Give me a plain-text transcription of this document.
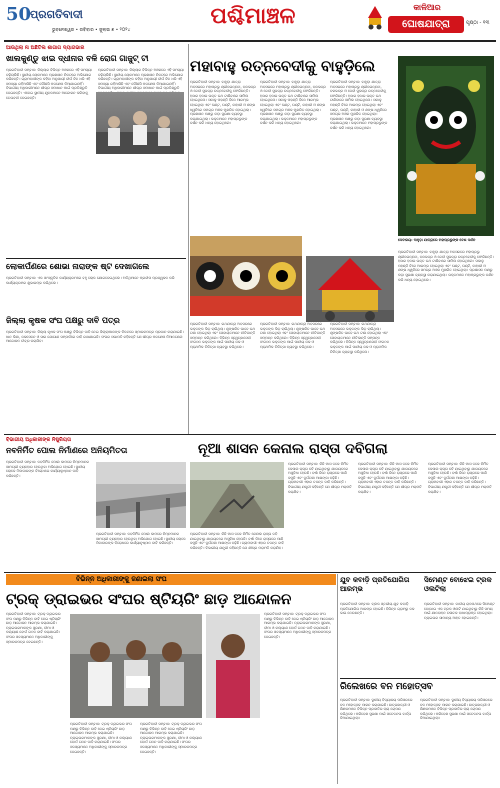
50
ପ୍ରଗତିବାଦୀ
ଭୁବନେଶ୍ୱର • ରବିବାର • ଜୁଲାଇ ୭ • ୨୦୨୪
ପଶ୍ଚିମାଞ୍ଚଳ	କାଳିଆର
ଘୋଷଯାତ୍ରା	ପୃଷ୍ଠା - ୧୩
ଆଉଥିଲା ନା ଅଛିତିଲ ଶାଗାଗ ଦ୍ୟାଗଭାର
ଖାଲକୁଣ୍ଡୁ ଝାଇ ଦ୍ଧୀନାର ବଳି ରୋଗ ଗାଜୁଟ୍ ଟୀ
ପ୍ରଗତିବାଦୀ ସମ୍ବାଦ: ଜିଲ୍ଲାର ବିଭିନ୍ନ ଅଞ୍ଚଳରେ ଏହି ସମସ୍ୟା ବଢ଼ିଚାଲିଛି। ସ୍ଥାନୀୟ ଲୋକମାନେ ପ୍ରଶାସନ ନିକଟରେ ଅଭିଯୋଗ କରିଛନ୍ତି। ଗ୍ରାମବାସୀଙ୍କ କହିବା ଅନୁଯାୟୀ ଦୀର୍ଘ ଦିନ ଧରି ଏହି ସମସ୍ୟା ରହିଆସିଛି ଏବଂ କୌଣସି ପଦକ୍ଷେପ ନିଆଯାଇନାହିଁ। ବିଭାଗୀୟ ଅଧିକାରୀମାନେ ଶୀଘ୍ର ସମାଧାନ ପାଇଁ ପ୍ରତିଶ୍ରୁତି ଦେଇଛନ୍ତି। ଏନେଇ ସ୍ଥାନୀୟ ଯୁବକମାନେ ଆନ୍ଦୋଳନ କରିବାକୁ ଚେତାବନୀ ଦେଇଛନ୍ତି।
ପ୍ରଗତିବାଦୀ ସମ୍ବାଦ: ଜିଲ୍ଲାର ବିଭିନ୍ନ ଅଞ୍ଚଳରେ ଏହି ସମସ୍ୟା ବଢ଼ିଚାଲିଛି। ସ୍ଥାନୀୟ ଲୋକମାନେ ପ୍ରଶାସନ ନିକଟରେ ଅଭିଯୋଗ କରିଛନ୍ତି। ଗ୍ରାମବାସୀଙ୍କ କହିବା ଅନୁଯାୟୀ ଦୀର୍ଘ ଦିନ ଧରି ଏହି ସମସ୍ୟା ରହିଆସିଛି ଏବଂ କୌଣସି ପଦକ୍ଷେପ ନିଆଯାଇନାହିଁ। ବିଭାଗୀୟ ଅଧିକାରୀମାନେ ଶୀଘ୍ର ସମାଧାନ ପାଇଁ ପ୍ରତିଶ୍ରୁତି
ମହାବାହୁ ରତ୍ନବେଦୀକୁ ବାହୁଡ଼ିଲେ
ପ୍ରଗତିବାଦୀ ସମ୍ବାଦ: ବାହୁଡ଼ା ଯାତ୍ରା ଅବସରରେ ମହାପ୍ରଭୁ ଶ୍ରୀଜଗନ୍ନାଥ, ବଳଭଦ୍ର ଓ ଦେବୀ ସୁଭଦ୍ରା ରତ୍ନବେଦୀକୁ ଫେରିଛନ୍ତି। ହଜାର ହଜାର ଭକ୍ତ ରଥ ଟାଣିବାରେ ସାମିଲ ହୋଇଥିଲେ। ସକାଳୁ ପହଣ୍ଡି ବିଜେ ଆରମ୍ଭ ହୋଇଥିଲା ଏବଂ ଘଣ୍ଟ, ଘଣ୍ଟି, କାହାଳୀ ଓ ଶଙ୍ଖ ଧ୍ୱନିରେ ସମଗ୍ର ଅଞ୍ଚଳ ମୁଖରିତ ହୋଇଥିଲା। ପ୍ରଶାସନ ପକ୍ଷରୁ କଡ଼ା ସୁରକ୍ଷା ବ୍ୟବସ୍ଥା କରାଯାଇଥିଲା। ଭକ୍ତମାନେ ମହାପ୍ରଭୁଙ୍କ ଦର୍ଶନ କରି ଧନ୍ୟ ହୋଇଥିଲେ।
ପ୍ରଗତିବାଦୀ ସମ୍ବାଦ: ବାହୁଡ଼ା ଯାତ୍ରା ଅବସରରେ ମହାପ୍ରଭୁ ଶ୍ରୀଜଗନ୍ନାଥ, ବଳଭଦ୍ର ଓ ଦେବୀ ସୁଭଦ୍ରା ରତ୍ନବେଦୀକୁ ଫେରିଛନ୍ତି। ହଜାର ହଜାର ଭକ୍ତ ରଥ ଟାଣିବାରେ ସାମିଲ ହୋଇଥିଲେ। ସକାଳୁ ପହଣ୍ଡି ବିଜେ ଆରମ୍ଭ ହୋଇଥିଲା ଏବଂ ଘଣ୍ଟ, ଘଣ୍ଟି, କାହାଳୀ ଓ ଶଙ୍ଖ ଧ୍ୱନିରେ ସମଗ୍ର ଅଞ୍ଚଳ ମୁଖରିତ ହୋଇଥିଲା। ପ୍ରଶାସନ ପକ୍ଷରୁ କଡ଼ା ସୁରକ୍ଷା ବ୍ୟବସ୍ଥା କରାଯାଇଥିଲା। ଭକ୍ତମାନେ ମହାପ୍ରଭୁଙ୍କ ଦର୍ଶନ କରି ଧନ୍ୟ ହୋଇଥିଲେ।
ପ୍ରଗତିବାଦୀ ସମ୍ବାଦ: ବାହୁଡ଼ା ଯାତ୍ରା ଅବସରରେ ମହାପ୍ରଭୁ ଶ୍ରୀଜଗନ୍ନାଥ, ବଳଭଦ୍ର ଓ ଦେବୀ ସୁଭଦ୍ରା ରତ୍ନବେଦୀକୁ ଫେରିଛନ୍ତି। ହଜାର ହଜାର ଭକ୍ତ ରଥ ଟାଣିବାରେ ସାମିଲ ହୋଇଥିଲେ। ସକାଳୁ ପହଣ୍ଡି ବିଜେ ଆରମ୍ଭ ହୋଇଥିଲା ଏବଂ ଘଣ୍ଟ, ଘଣ୍ଟି, କାହାଳୀ ଓ ଶଙ୍ଖ ଧ୍ୱନିରେ ସମଗ୍ର ଅଞ୍ଚଳ ମୁଖରିତ ହୋଇଥିଲା। ପ୍ରଶାସନ ପକ୍ଷରୁ କଡ଼ା ସୁରକ୍ଷା ବ୍ୟବସ୍ଥା କରାଯାଇଥିଲା। ଭକ୍ତମାନେ ମହାପ୍ରଭୁଙ୍କ ଦର୍ଶନ କରି ଧନ୍ୟ ହୋଇଥିଲେ।
ଦେବାଳୟ: ବାହୁଡ଼ା ଯାତ୍ରାରେ ମହାପ୍ରଭୁଙ୍କ ବେଶ ଦର୍ଶନ
ପ୍ରଗତିବାଦୀ ସମ୍ବାଦ: ରଥଯାତ୍ରା ଅବସରରେ ଭକ୍ତଙ୍କ ଭିଡ଼ ଲାଗିଥିଲା। ଶୃଙ୍ଖଳିତ ଭାବେ ରଥ ଟଣା ହୋଇଥିଲା ଏବଂ ସେବାୟତମାନେ ନୀତିକାନ୍ତି ସମ୍ପନ୍ନ କରିଥିଲେ। ବିଭିନ୍ନ ସ୍ୱେଚ୍ଛାସେବୀ ସଂଗଠନ ଭକ୍ତଙ୍କ ପାଇଁ ପାନୀୟ ଜଳ ଓ ପ୍ରାଥମିକ ଚିକିତ୍ସା ବ୍ୟବସ୍ଥା କରିଥିଲେ।
ପ୍ରଗତିବାଦୀ ସମ୍ବାଦ: ରଥଯାତ୍ରା ଅବସରରେ ଭକ୍ତଙ୍କ ଭିଡ଼ ଲାଗିଥିଲା। ଶୃଙ୍ଖଳିତ ଭାବେ ରଥ ଟଣା ହୋଇଥିଲା ଏବଂ ସେବାୟତମାନେ ନୀତିକାନ୍ତି ସମ୍ପନ୍ନ କରିଥିଲେ। ବିଭିନ୍ନ ସ୍ୱେଚ୍ଛାସେବୀ ସଂଗଠନ ଭକ୍ତଙ୍କ ପାଇଁ ପାନୀୟ ଜଳ ଓ ପ୍ରାଥମିକ ଚିକିତ୍ସା ବ୍ୟବସ୍ଥା କରିଥିଲେ।
ପ୍ରଗତିବାଦୀ ସମ୍ବାଦ: ରଥଯାତ୍ରା ଅବସରରେ ଭକ୍ତଙ୍କ ଭିଡ଼ ଲାଗିଥିଲା। ଶୃଙ୍ଖଳିତ ଭାବେ ରଥ ଟଣା ହୋଇଥିଲା ଏବଂ ସେବାୟତମାନେ ନୀତିକାନ୍ତି ସମ୍ପନ୍ନ କରିଥିଲେ। ବିଭିନ୍ନ ସ୍ୱେଚ୍ଛାସେବୀ ସଂଗଠନ ଭକ୍ତଙ୍କ ପାଇଁ ପାନୀୟ ଜଳ ଓ ପ୍ରାଥମିକ ଚିକିତ୍ସା ବ୍ୟବସ୍ଥା କରିଥିଲେ।
ପ୍ରଗତିବାଦୀ ସମ୍ବାଦ: ବାହୁଡ଼ା ଯାତ୍ରା ଅବସରରେ ମହାପ୍ରଭୁ ଶ୍ରୀଜଗନ୍ନାଥ, ବଳଭଦ୍ର ଓ ଦେବୀ ସୁଭଦ୍ରା ରତ୍ନବେଦୀକୁ ଫେରିଛନ୍ତି। ହଜାର ହଜାର ଭକ୍ତ ରଥ ଟାଣିବାରେ ସାମିଲ ହୋଇଥିଲେ। ସକାଳୁ ପହଣ୍ଡି ବିଜେ ଆରମ୍ଭ ହୋଇଥିଲା ଏବଂ ଘଣ୍ଟ, ଘଣ୍ଟି, କାହାଳୀ ଓ ଶଙ୍ଖ ଧ୍ୱନିରେ ସମଗ୍ର ଅଞ୍ଚଳ ମୁଖରିତ ହୋଇଥିଲା। ପ୍ରଶାସନ ପକ୍ଷରୁ କଡ଼ା ସୁରକ୍ଷା ବ୍ୟବସ୍ଥା କରାଯାଇଥିଲା। ଭକ୍ତମାନେ ମହାପ୍ରଭୁଙ୍କ ଦର୍ଶନ କରି ଧନ୍ୟ ହୋଇଥିଲେ।
ଲୋକାର୍ପଣରେ ଶୋଭା ନାରାଙ୍କ ଷ୍ଟ ଦେଖାଗଲେ
ପ୍ରଗତିବାଦୀ ସମ୍ବାଦ: ଏକ ସାଂସ୍କୃତିକ କାର୍ଯ୍ୟକ୍ରମରେ ବହୁ ଲୋକ ଯୋଗଦେଇଥିଲେ। ଅତିଥିମାନେ ପ୍ରଦୀପ ପ୍ରଜ୍ୱଳନ କରି କାର୍ଯ୍ୟକ୍ରମର ଶୁଭାରମ୍ଭ କରିଥିଲେ।
ଜିଲ୍ଲା କୃଷକ ସଂଘ ପକ୍ଷରୁ ଦାବି ପତ୍ର
ପ୍ରଗତିବାଦୀ ସମ୍ବାଦ: ଜିଲ୍ଲା କୃଷକ ସଂଘ ପକ୍ଷରୁ ବିଭିନ୍ନ ଦାବି ନେଇ ଜିଲ୍ଲାପାଳଙ୍କ ନିକଟରେ ସ୍ମାରକପତ୍ର ପ୍ରଦାନ କରାଯାଇଛି। ଧାନ କିଣା, ଜଳସେଚନ ଓ ସାର ଯୋଗାଣ ସମ୍ପର୍କରେ ଦାବି ରଖାଯାଇଛି। ସଂଘର ସଭାପତି କହିଛନ୍ତି ଯେ ଶୀଘ୍ର ପଦକ୍ଷେପ ନିଆନଗଲେ ଆନ୍ଦୋଳନ ତୀବ୍ର କରାଯିବ।
ବିଭାଗୀୟ ଅଧିକାରୀଙ୍କ ନିଷ୍କ୍ରିୟତା
ନବନିର୍ମିତ ପୋଲ ନିର୍ମାଣରେ ଅନିୟମିତତା
ପ୍ରଗତିବାଦୀ ସମ୍ବାଦ: ନବନିର୍ମିତ ପୋଲ କାମରେ ନିମ୍ନମାନର ସାମଗ୍ରୀ ବ୍ୟବହାର ହେଉଥିବା ଅଭିଯୋଗ ହୋଇଛି। ସ୍ଥାନୀୟ ଲୋକେ ଠିକାଦାରଙ୍କ ବିରୋଧରେ କାର୍ଯ୍ୟାନୁଷ୍ଠାନ ଦାବି କରିଛନ୍ତି।
ପ୍ରଗତିବାଦୀ ସମ୍ବାଦ: ନବନିର୍ମିତ ପୋଲ କାମରେ ନିମ୍ନମାନର ସାମଗ୍ରୀ ବ୍ୟବହାର ହେଉଥିବା ଅଭିଯୋଗ ହୋଇଛି। ସ୍ଥାନୀୟ ଲୋକେ ଠିକାଦାରଙ୍କ ବିରୋଧରେ କାର୍ଯ୍ୟାନୁଷ୍ଠାନ ଦାବି କରିଛନ୍ତି।
ନୂଆ ଶାସନ କେନାଲ ରାସ୍ତା ଦବିଗଲା
ପ୍ରଗତିବାଦୀ ସମ୍ବାଦ: କିଛି ମାସ ତଳେ ନିର୍ମିତ କେନାଲ ରାସ୍ତା ଦବି ଯାଇଥିବାରୁ ଯାତାୟତରେ ଅସୁବିଧା ହେଉଛି। ବର୍ଷା ଦିନେ ରାସ୍ତାରେ ପାଣି ଜମୁଛି ଏବଂ ଦୁର୍ଘଟଣା ଆଶଙ୍କା ବଢ଼ିଛି। ଗ୍ରାମବାସୀ ଏହାର ତଦନ୍ତ ଦାବି କରିଛନ୍ତି। ବିଭାଗୀୟ ଯନ୍ତ୍ରୀ କହିଛନ୍ତି ଯେ ଶୀଘ୍ର ମରାମତି କରାଯିବ।
ପ୍ରଗତିବାଦୀ ସମ୍ବାଦ: କିଛି ମାସ ତଳେ ନିର୍ମିତ କେନାଲ ରାସ୍ତା ଦବି ଯାଇଥିବାରୁ ଯାତାୟତରେ ଅସୁବିଧା ହେଉଛି। ବର୍ଷା ଦିନେ ରାସ୍ତାରେ ପାଣି ଜମୁଛି ଏବଂ ଦୁର୍ଘଟଣା ଆଶଙ୍କା ବଢ଼ିଛି। ଗ୍ରାମବାସୀ ଏହାର ତଦନ୍ତ ଦାବି କରିଛନ୍ତି। ବିଭାଗୀୟ ଯନ୍ତ୍ରୀ କହିଛନ୍ତି ଯେ ଶୀଘ୍ର ମରାମତି କରାଯିବ।
ପ୍ରଗତିବାଦୀ ସମ୍ବାଦ: କିଛି ମାସ ତଳେ ନିର୍ମିତ କେନାଲ ରାସ୍ତା ଦବି ଯାଇଥିବାରୁ ଯାତାୟତରେ ଅସୁବିଧା ହେଉଛି। ବର୍ଷା ଦିନେ ରାସ୍ତାରେ ପାଣି ଜମୁଛି ଏବଂ ଦୁର୍ଘଟଣା ଆଶଙ୍କା ବଢ଼ିଛି। ଗ୍ରାମବାସୀ ଏହାର ତଦନ୍ତ ଦାବି କରିଛନ୍ତି। ବିଭାଗୀୟ ଯନ୍ତ୍ରୀ କହିଛନ୍ତି ଯେ ଶୀଘ୍ର ମରାମତି କରାଯିବ।
ପ୍ରଗତିବାଦୀ ସମ୍ବାଦ: କିଛି ମାସ ତଳେ ନିର୍ମିତ କେନାଲ ରାସ୍ତା ଦବି ଯାଇଥିବାରୁ ଯାତାୟତରେ ଅସୁବିଧା ହେଉଛି। ବର୍ଷା ଦିନେ ରାସ୍ତାରେ ପାଣି ଜମୁଛି ଏବଂ ଦୁର୍ଘଟଣା ଆଶଙ୍କା ବଢ଼ିଛି। ଗ୍ରାମବାସୀ ଏହାର ତଦନ୍ତ ଦାବି କରିଛନ୍ତି। ବିଭାଗୀୟ ଯନ୍ତ୍ରୀ କହିଛନ୍ତି ଯେ ଶୀଘ୍ର ମରାମତି କରାଯିବ।
ବିଭିନ୍ନ ଅଧିକାରୀଙ୍କୁ ଜଣାଇଲା ସଂଘ
ଟ୍ରକ୍ ଡ୍ରାଇଭର ସଂଘର ଷ୍ଟିୟରିଂ ଛାଡ଼ ଆନ୍ଦୋଳନ
ପ୍ରଗତିବାଦୀ ସମ୍ବାଦ: ଟ୍ରକ୍ ଡ୍ରାଇଭର ସଂଘ ପକ୍ଷରୁ ବିଭିନ୍ନ ଦାବି ନେଇ ଷ୍ଟିୟରିଂ ଛାଡ଼ ଆନ୍ଦୋଳନ ଆରମ୍ଭ କରାଯାଇଛି। ଡ୍ରାଇଭରମାନଙ୍କ ସୁରକ୍ଷା, ବୀମା ଓ କଲ୍ୟାଣ ବୋର୍ଡ ଗଠନ ଦାବି କରାଯାଇଛି। ସଂଘର ସଦସ୍ୟମାନେ ଅଧିକାରୀଙ୍କୁ ସ୍ମାରକପତ୍ର ଦେଇଛନ୍ତି।
ପ୍ରଗତିବାଦୀ ସମ୍ବାଦ: ଟ୍ରକ୍ ଡ୍ରାଇଭର ସଂଘ ପକ୍ଷରୁ ବିଭିନ୍ନ ଦାବି ନେଇ ଷ୍ଟିୟରିଂ ଛାଡ଼ ଆନ୍ଦୋଳନ ଆରମ୍ଭ କରାଯାଇଛି। ଡ୍ରାଇଭରମାନଙ୍କ ସୁରକ୍ଷା, ବୀମା ଓ କଲ୍ୟାଣ ବୋର୍ଡ ଗଠନ ଦାବି କରାଯାଇଛି। ସଂଘର ସଦସ୍ୟମାନେ ଅଧିକାରୀଙ୍କୁ ସ୍ମାରକପତ୍ର ଦେଇଛନ୍ତି।
ପ୍ରଗତିବାଦୀ ସମ୍ବାଦ: ଟ୍ରକ୍ ଡ୍ରାଇଭର ସଂଘ ପକ୍ଷରୁ ବିଭିନ୍ନ ଦାବି ନେଇ ଷ୍ଟିୟରିଂ ଛାଡ଼ ଆନ୍ଦୋଳନ ଆରମ୍ଭ କରାଯାଇଛି। ଡ୍ରାଇଭରମାନଙ୍କ ସୁରକ୍ଷା, ବୀମା ଓ କଲ୍ୟାଣ ବୋର୍ଡ ଗଠନ ଦାବି କରାଯାଇଛି। ସଂଘର ସଦସ୍ୟମାନେ ଅଧିକାରୀଙ୍କୁ ସ୍ମାରକପତ୍ର ଦେଇଛନ୍ତି।
ପ୍ରଗତିବାଦୀ ସମ୍ବାଦ: ଟ୍ରକ୍ ଡ୍ରାଇଭର ସଂଘ ପକ୍ଷରୁ ବିଭିନ୍ନ ଦାବି ନେଇ ଷ୍ଟିୟରିଂ ଛାଡ଼ ଆନ୍ଦୋଳନ ଆରମ୍ଭ କରାଯାଇଛି। ଡ୍ରାଇଭରମାନଙ୍କ ସୁରକ୍ଷା, ବୀମା ଓ କଲ୍ୟାଣ ବୋର୍ଡ ଗଠନ ଦାବି କରାଯାଇଛି। ସଂଘର ସଦସ୍ୟମାନେ ଅଧିକାରୀଙ୍କୁ ସ୍ମାରକପତ୍ର ଦେଇଛନ୍ତି।
ଯୁବ କବାଡ଼ି ପ୍ରତିଯୋଗିତା ଆରମ୍ଭ
ପ୍ରଗତିବାଦୀ ସମ୍ବାଦ: ବ୍ଲକ ସ୍ତରୀୟ ଯୁବ କବାଡ଼ି ପ୍ରତିଯୋଗିତା ଆରମ୍ଭ ହୋଇଛି। ବିଭିନ୍ନ ଗ୍ରାମରୁ ଦଳ ଭାଗ ନେଉଛନ୍ତି।
ସିମେଣ୍ଟ ବୋଝେଇ ଟ୍ରକ ଓଲଟିଲା
ପ୍ରଗତିବାଦୀ ସମ୍ବାଦ: ଜାତୀୟ ରାଜପଥରେ ସିମେଣ୍ଟ ବୋଝେଇ ଏକ ଟ୍ରକ ଓଲଟି ଯାଇଥିବାରୁ କିଛି ସମୟ ପାଇଁ ଯାନବାହନ ଚଳାଚଳ ବାଧାପ୍ରାପ୍ତ ହୋଇଥିଲା। ଡ୍ରାଇଭର ସାମାନ୍ୟ ଆହତ ହୋଇଛନ୍ତି।
ରିଲେଖରେ ବନ ମହୋତ୍ସବ
ପ୍ରଗତିବାଦୀ ସମ୍ବାଦ: ସ୍ଥାନୀୟ ବିଦ୍ୟାଳୟ ପରିସରରେ ବନ ମହୋତ୍ସବ ପାଳନ କରାଯାଇଛି। ଛାତ୍ରଛାତ୍ରୀ ଓ ଶିକ୍ଷକମାନେ ବିଭିନ୍ନ ପ୍ରଜାତିର ଚାରା ରୋପଣ କରିଥିଲେ। ପରିବେଶ ସୁରକ୍ଷା ପାଇଁ ସଚେତନତା ବାର୍ତ୍ତା ଦିଆଯାଇଥିଲା।
ପ୍ରଗତିବାଦୀ ସମ୍ବାଦ: ସ୍ଥାନୀୟ ବିଦ୍ୟାଳୟ ପରିସରରେ ବନ ମହୋତ୍ସବ ପାଳନ କରାଯାଇଛି। ଛାତ୍ରଛାତ୍ରୀ ଓ ଶିକ୍ଷକମାନେ ବିଭିନ୍ନ ପ୍ରଜାତିର ଚାରା ରୋପଣ କରିଥିଲେ। ପରିବେଶ ସୁରକ୍ଷା ପାଇଁ ସଚେତନତା ବାର୍ତ୍ତା ଦିଆଯାଇଥିଲା।
